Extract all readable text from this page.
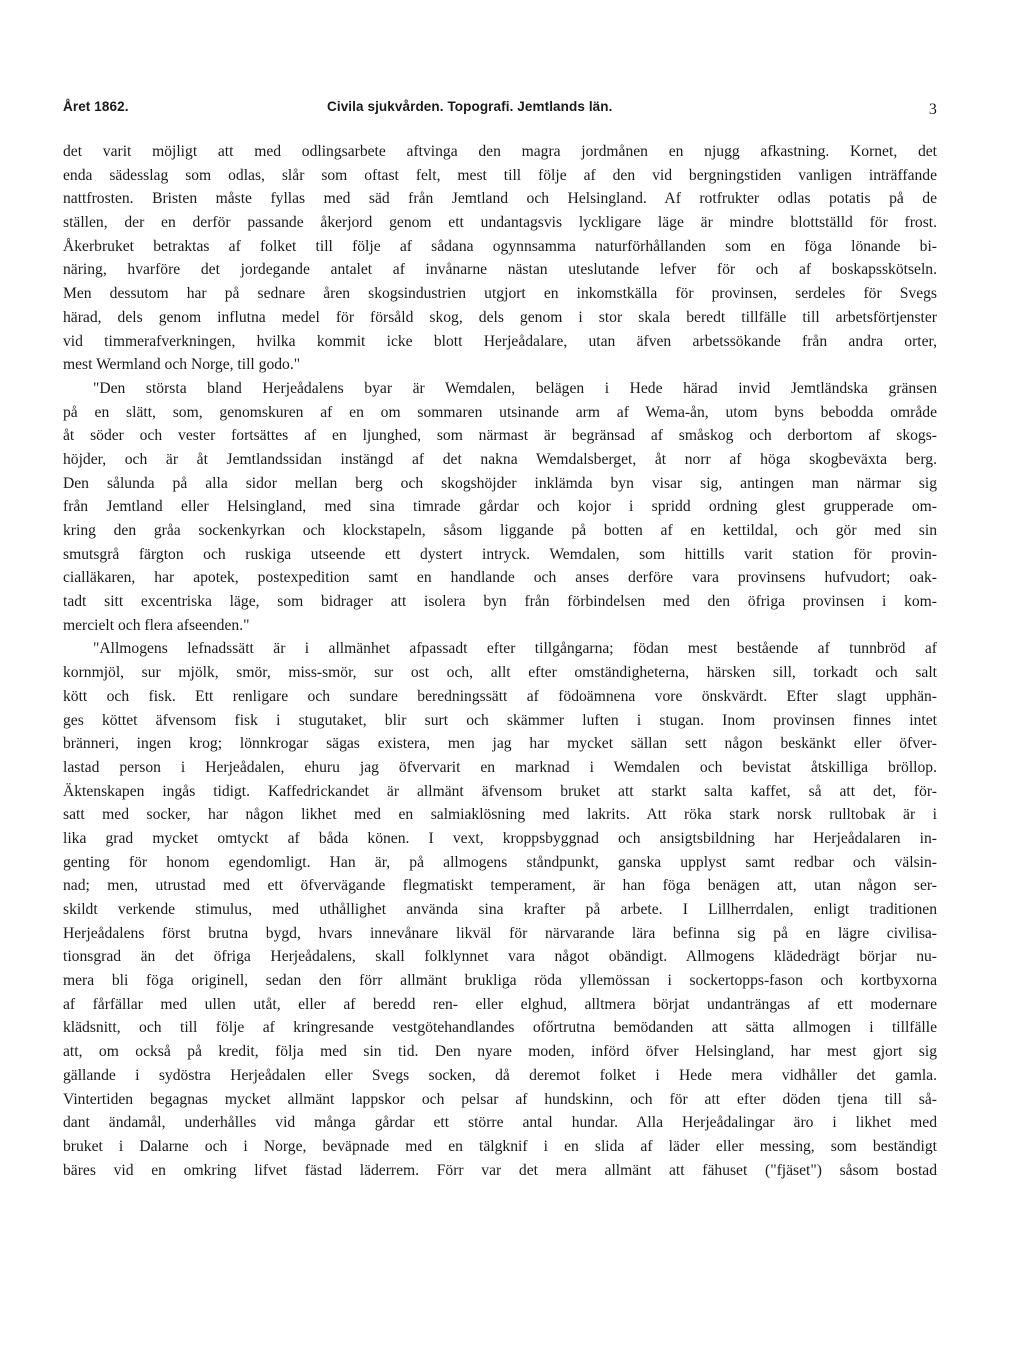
Året 1862.	Civila sjukvården. Topografi. Jemtlands län.	3
det varit möjligt att med odlingsarbete aftvinga den magra jordmånen en njugg afkastning. Kornet, det
enda sädesslag som odlas, slår som oftast felt, mest till följe af den vid bergningstiden vanligen inträffande
nattfrosten. Bristen måste fyllas med säd från Jemtland och Helsingland. Af rotfrukter odlas potatis på de
ställen, der en derför passande åkerjord genom ett undantagsvis lyckligare läge är mindre blottställd för frost.
Åkerbruket betraktas af folket till följe af sådana ogynnsamma naturförhållanden som en föga lönande bi-
näring, hvarföre det jordegande antalet af invånarne nästan uteslutande lefver för och af boskapsskötseln.
Men dessutom har på sednare åren skogsindustrien utgjort en inkomstkälla för provinsen, serdeles för Svegs
härad, dels genom influtna medel för försåld skog, dels genom i stor skala beredt tillfälle till arbetsförtjenster
vid timmerafverkningen, hvilka kommit icke blott Herjeådalare, utan äfven arbetssökande från andra orter,
mest Wermland och Norge, till godo."
"Den största bland Herjeådalens byar är Wemdalen, belägen i Hede härad invid Jemtländska gränsen
på en slätt, som, genomskuren af en om sommaren utsinande arm af Wema-ån, utom byns bebodda område
åt söder och vester fortsättes af en ljunghed, som närmast är begränsad af småskog och derbortom af skogs-
höjder, och är åt Jemtlandssidan instängd af det nakna Wemdalsberget, åt norr af höga skogbeväxta berg.
Den sålunda på alla sidor mellan berg och skogshöjder inklämda byn visar sig, antingen man närmar sig
från Jemtland eller Helsingland, med sina timrade gårdar och kojor i spridd ordning glest grupperade om-
kring den gråa sockenkyrkan och klockstapeln, såsom liggande på botten af en kettildal, och gör med sin
smutsgrå färgton och ruskiga utseende ett dystert intryck. Wemdalen, som hittills varit station för provin-
cialläkaren, har apotek, postexpedition samt en handlande och anses derföre vara provinsens hufvudort; oak-
tadt sitt excentriska läge, som bidrager att isolera byn från förbindelsen med den öfriga provinsen i kom-
mercielt och flera afseenden."
"Allmogens lefnadssätt är i allmänhet afpassadt efter tillgångarna; födan mest bestående af tunnbröd af
kornmjöl, sur mjölk, smör, miss-smör, sur ost och, allt efter omständigheterna, härsken sill, torkadt och salt
kött och fisk. Ett renligare och sundare beredningssätt af födoämnena vore önskvärdt. Efter slagt upphän-
ges köttet äfvensom fisk i stugutaket, blir surt och skämmer luften i stugan. Inom provinsen finnes intet
bränneri, ingen krog; lönnkrogar sägas existera, men jag har mycket sällan sett någon beskänkt eller öfver-
lastad person i Herjeådalen, ehuru jag öfvervarit en marknad i Wemdalen och bevistat åtskilliga bröllop.
Äktenskapen ingås tidigt. Kaffedrickandet är allmänt äfvensom bruket att starkt salta kaffet, så att det, för-
satt med socker, har någon likhet med en salmiaklösning med lakrits. Att röka stark norsk rulltobak är i
lika grad mycket omtyckt af båda könen. I vext, kroppsbyggnad och ansigtsbildning har Herjeådalaren in-
genting för honom egendomligt. Han är, på allmogens ståndpunkt, ganska upplyst samt redbar och välsin-
nad; men, utrustad med ett öfvervägande flegmatiskt temperament, är han föga benägen att, utan någon ser-
skildt verkende stimulus, med uthållighet använda sina krafter på arbete. I Lillherrdalen, enligt traditionen
Herjeådalens först brutna bygd, hvars innevånare likväl för närvarande lära befinna sig på en lägre civilisa-
tionsgrad än det öfriga Herjeådalens, skall folklynnet vara något obändigt. Allmogens klädedrägt börjar nu-
mera bli föga originell, sedan den förr allmänt brukliga röda yllemössan i sockertopps-fason och kortbyxorna
af fårfällar med ullen utåt, eller af beredd ren- eller elghud, alltmera börjat undanträngas af ett modernare
klädsnitt, och till följe af kringresande vestgötehandlandes ofőrtrutna bemödanden att sätta allmogen i tillfälle
att, om också på kredit, följa med sin tid. Den nyare moden, införd öfver Helsingland, har mest gjort sig
gällande i sydöstra Herjeådalen eller Svegs socken, då deremot folket i Hede mera vidhåller det gamla.
Vintertiden begagnas mycket allmänt lappskor och pelsar af hundskinn, och för att efter döden tjena till så-
dant ändamål, underhålles vid många gårdar ett större antal hundar. Alla Herjeådalingar äro i likhet med
bruket i Dalarne och i Norge, beväpnade med en tälgknif i en slida af läder eller messing, som beständigt
bäres vid en omkring lifvet fästad läderrem. Förr var det mera allmänt att fähuset ("fjäset") såsom bostad
